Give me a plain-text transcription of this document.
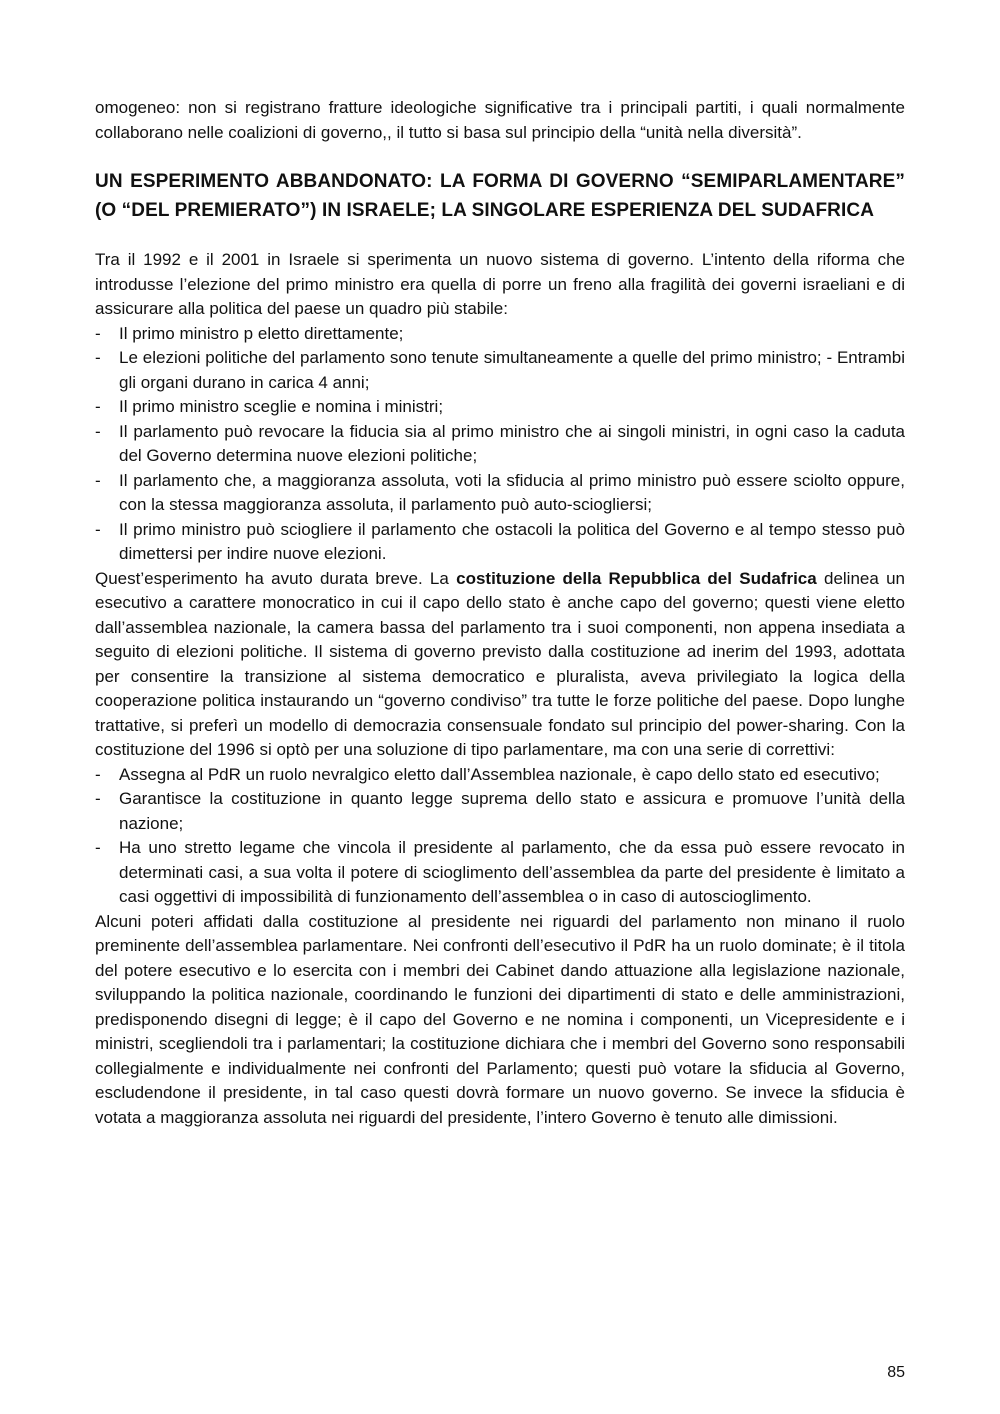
omogeneo: non si registrano fratture ideologiche significative tra i principali partiti, i quali normalmente collaborano nelle coalizioni di governo,, il tutto si basa sul principio della “unità nella diversità”.

UN ESPERIMENTO ABBANDONATO: LA FORMA DI GOVERNO “SEMIPARLAMENTARE” (O “DEL PREMIERATO”) IN ISRAELE; LA SINGOLARE ESPERIENZA DEL SUDAFRICA

Tra il 1992 e il 2001 in Israele si sperimenta un nuovo sistema di governo. L’intento della riforma che introdusse l’elezione del primo ministro era quella di porre un freno alla fragilità dei governi israeliani e di assicurare alla politica del paese un quadro più stabile:

- Il primo ministro p eletto direttamente;
- Le elezioni politiche del parlamento sono tenute simultaneamente a quelle del primo ministro; - Entrambi gli organi durano in carica 4 anni;
- Il primo ministro sceglie e nomina i ministri;
- Il parlamento può revocare la fiducia sia al primo ministro che ai singoli ministri, in ogni caso la caduta del Governo determina nuove elezioni politiche;
- Il parlamento che, a maggioranza assoluta, voti la sfiducia al primo ministro può essere sciolto oppure, con la stessa maggioranza assoluta, il parlamento può auto-sciogliersi;
- Il primo ministro può sciogliere il parlamento che ostacoli la politica del Governo e al tempo stesso può dimettersi per indire nuove elezioni.

Quest’esperimento ha avuto durata breve. La costituzione della Repubblica del Sudafrica delinea un esecutivo a carattere monocratico in cui il capo dello stato è anche capo del governo; questi viene eletto dall’assemblea nazionale, la camera bassa del parlamento tra i suoi componenti, non appena insediata a seguito di elezioni politiche. Il sistema di governo previsto dalla costituzione ad inerim del 1993, adottata per consentire la transizione al sistema democratico e pluralista, aveva privilegiato la logica della cooperazione politica instaurando un “governo condiviso” tra tutte le forze politiche del paese. Dopo lunghe trattative, si preferì un modello di democrazia consensuale fondato sul principio del power-sharing. Con la costituzione del 1996 si optò per una soluzione di tipo parlamentare, ma con una serie di correttivi:

- Assegna al PdR un ruolo nevralgico eletto dall’Assemblea nazionale, è capo dello stato ed esecutivo;
- Garantisce la costituzione in quanto legge suprema dello stato e assicura e promuove l’unità della nazione;
- Ha uno stretto legame che vincola il presidente al parlamento, che da essa può essere revocato in determinati casi, a sua volta il potere di scioglimento dell’assemblea da parte del presidente è limitato a casi oggettivi di impossibilità di funzionamento dell’assemblea o in caso di autoscioglimento.

Alcuni poteri affidati dalla costituzione al presidente nei riguardi del parlamento non minano il ruolo preminente dell’assemblea parlamentare. Nei confronti dell’esecutivo il PdR ha un ruolo dominate; è il titola del potere esecutivo e lo esercita con i membri dei Cabinet dando attuazione alla legislazione nazionale, sviluppando la politica nazionale, coordinando le funzioni dei dipartimenti di stato e delle amministrazioni, predisponendo disegni di legge; è il capo del Governo e ne nomina i componenti, un Vicepresidente e i ministri, scegliendoli tra i parlamentari; la costituzione dichiara che i membri del Governo sono responsabili collegialmente e individualmente nei confronti del Parlamento; questi può votare la sfiducia al Governo, escludendone il presidente, in tal caso questi dovrà formare un nuovo governo. Se invece la sfiducia è votata a maggioranza assoluta nei riguardi del presidente, l’intero Governo è tenuto alle dimissioni.

85
